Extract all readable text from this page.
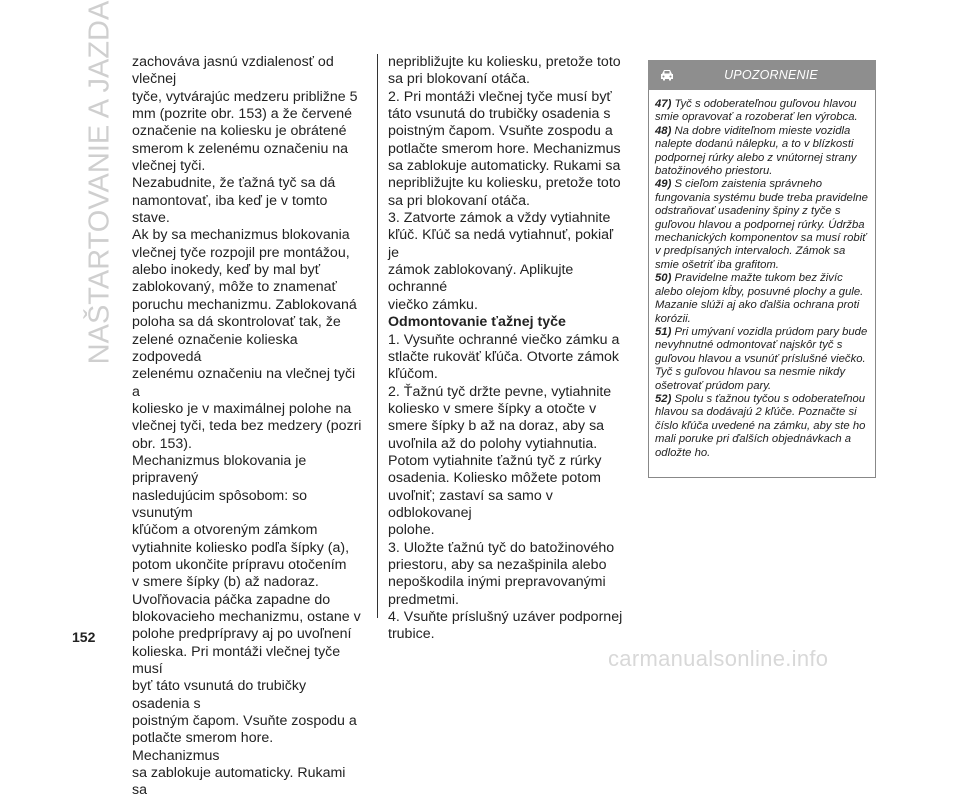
NAŠTARTOVANIE A JAZDA zachováva jasnú vzdialenosť od vlečnej

tyče, vytvárajúc medzeru približne 5

mm (pozrite obr. 153) a že červené

označenie na koliesku je obrátené

smerom k zelenému označeniu na

vlečnej tyči.

Nezabudnite, že ťažná tyč sa dá

namontovať, iba keď je v tomto stave.

Ak by sa mechanizmus blokovania

vlečnej tyče rozpojil pre montážou,

alebo inokedy, keď by mal byť

zablokovaný, môže to znamenať

poruchu mechanizmu. Zablokovaná

poloha sa dá skontrolovať tak, že

zelené označenie kolieska zodpovedá

zelenému označeniu na vlečnej tyči a

koliesko je v maximálnej polohe na

vlečnej tyči, teda bez medzery (pozri

obr. 153).

Mechanizmus blokovania je pripravený

nasledujúcim spôsobom: so vsunutým

kľúčom a otvoreným zámkom

vytiahnite koliesko podľa šípky (a),

potom ukončite prípravu otočením

v smere šípky (b) až nadoraz.

Uvoľňovacia páčka zapadne do

blokovacieho mechanizmu, ostane v

polohe predprípravy aj po uvoľnení

kolieska. Pri montáži vlečnej tyče musí

byť táto vsunutá do trubičky osadenia s

poistným čapom. Vsuňte zospodu a

potlačte smerom hore. Mechanizmus

sa zablokuje automaticky. Rukami sa

nepribližujte ku koliesku, pretože toto

sa pri blokovaní otáča.

2. Pri montáži vlečnej tyče musí byť

táto vsunutá do trubičky osadenia s

poistným čapom. Vsuňte zospodu a

potlačte smerom hore. Mechanizmus

sa zablokuje automaticky. Rukami sa

nepribližujte ku koliesku, pretože toto

sa pri blokovaní otáča.

3. Zatvorte zámok a vždy vytiahnite

kľúč. Kľúč sa nedá vytiahnuť, pokiaľ je

zámok zablokovaný. Aplikujte ochranné

viečko zámku.

Odmontovanie ťažnej tyče

1. Vysuňte ochranné viečko zámku a

stlačte rukoväť kľúča. Otvorte zámok

kľúčom.

2. Ťažnú tyč držte pevne, vytiahnite

koliesko v smere šípky a otočte v

smere šípky b až na doraz, aby sa

uvoľnila až do polohy vytiahnutia.

Potom vytiahnite ťažnú tyč z rúrky

osadenia. Koliesko môžete potom

uvoľniť; zastaví sa samo v odblokovanej

polohe.

3. Uložte ťažnú tyč do batožinového

priestoru, aby sa nezašpinila alebo

nepoškodila inými prepravovanými

predmetmi.

4. Vsuňte príslušný uzáver podpornej

trubice.

UPOZORNENIE

47) Tyč s odoberateľnou guľovou hlavou

smie opravovať a rozoberať len výrobca.

48) Na dobre viditeľnom mieste vozidla

nalepte dodanú nálepku, a to v blízkosti

podpornej rúrky alebo z vnútornej strany

batožinového priestoru.

49) S cieľom zaistenia správneho

fungovania systému bude treba pravidelne

odstraňovať usadeniny špiny z tyče s

guľovou hlavou a podpornej rúrky. Údržba

mechanických komponentov sa musí robiť

v predpísaných intervaloch. Zámok sa

smie ošetriť iba grafitom.

50) Pravidelne mažte tukom bez živíc

alebo olejom kĺby, posuvné plochy a gule.

Mazanie slúži aj ako ďalšia ochrana proti

korózii.

51) Pri umývaní vozidla prúdom pary bude

nevyhnutné odmontovať najskôr tyč s

guľovou hlavou a vsunúť príslušné viečko.

Tyč s guľovou hlavou sa nesmie nikdy

ošetrovať prúdom pary.

52) Spolu s ťažnou tyčou s odoberateľnou

hlavou sa dodávajú 2 kľúče. Poznačte si

číslo kľúča uvedené na zámku, aby ste ho

mali poruke pri ďalších objednávkach a

odložte ho.

152
carmanualsonline.info
